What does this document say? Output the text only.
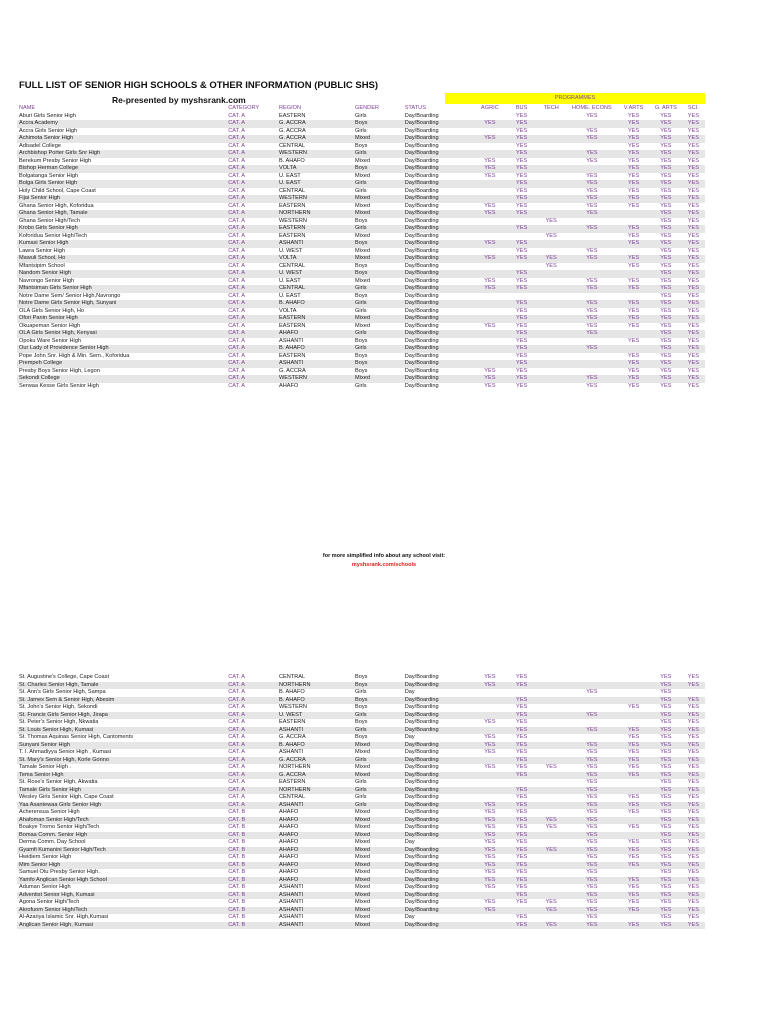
FULL LIST OF SENIOR HIGH SCHOOLS & OTHER INFORMATION (PUBLIC SHS)
Re-presented by myshsrank.com	PROGRAMMES
NAME	CATEGORY	REGION	GENDER	STATUS	AGRIC	BUS	TECH	HOME. ECONS	V.ARTS	G. ARTS	SCI.
Aburi Girls Senior High	CAT. A	EASTERN	Girls	Day/Boarding		YES		YES	YES	YES	YES
Accra Academy	CAT. A	G. ACCRA	Boys	Day/Boarding	YES	YES			YES	YES	YES
Accra Girls Senior High	CAT. A	G. ACCRA	Girls	Day/Boarding		YES		YES	YES	YES	YES
Achimota Senior High	CAT. A	G. ACCRA	Mixed	Day/Boarding	YES	YES		YES	YES	YES	YES
Adisadel College	CAT. A	CENTRAL	Boys	Day/Boarding		YES			YES	YES	YES
Archbishop Porter Girls Snr High	CAT. A	WESTERN	Girls	Day/Boarding		YES		YES	YES	YES	YES
Berekum Presby Senior High	CAT. A	B. AHAFO	Mixed	Day/Boarding	YES	YES		YES	YES	YES	YES
Bishop Herman College	CAT. A	VOLTA	Boys	Day/Boarding	YES	YES			YES	YES	YES
Bolgatanga Senior High	CAT. A	U. EAST	Mixed	Day/Boarding	YES	YES		YES	YES	YES	YES
Bolga Girls Senior High	CAT. A	U. EAST	Girls	Day/Boarding		YES		YES	YES	YES	YES
Holy Child School, Cape Coast	CAT. A	CENTRAL	Girls	Day/Boarding		YES		YES	YES	YES	YES
Fijai Senior High	CAT. A	WESTERN	Mixed	Day/Boarding		YES		YES	YES	YES	YES
Ghana Senior High, Koforidua	CAT. A	EASTERN	Mixed	Day/Boarding	YES	YES		YES	YES	YES	YES
Ghana Senior High, Tamale	CAT. A	NORTHERN	Mixed	Day/Boarding	YES	YES		YES		YES	YES
Ghana Senior High/Tech	CAT. A	WESTERN	Boys	Day/Boarding			YES			YES	YES
Krobo Girls Senior High	CAT. A	EASTERN	Girls	Day/Boarding		YES		YES	YES	YES	YES
Koforidua Senior High/Tech	CAT. A	EASTERN	Mixed	Day/Boarding			YES		YES	YES	YES
Kumasi Senior High	CAT. A	ASHANTI	Boys	Day/Boarding	YES	YES			YES	YES	YES
Lawra Senior High	CAT. A	U. WEST	Mixed	Day/Boarding		YES		YES		YES	YES
Mawuli School, Ho	CAT. A	VOLTA	Mixed	Day/Boarding	YES	YES	YES	YES	YES	YES	YES
Mfantsipim School	CAT. A	CENTRAL	Boys	Day/Boarding			YES		YES	YES	YES
Nandom Senior High	CAT. A	U. WEST	Boys	Day/Boarding		YES				YES	YES
Navrongo Senior High	CAT. A	U. EAST	Mixed	Day/Boarding	YES	YES		YES	YES	YES	YES
Mfantsiman Girls Senior High	CAT. A	CENTRAL	Girls	Day/Boarding	YES	YES		YES	YES	YES	YES
Notre Dame Sem/ Senior High,Navrongo	CAT. A	U. EAST	Boys	Day/Boarding						YES	YES
Notre Dame Girls Senior High, Sunyani	CAT. A	B. AHAFO	Girls	Day/Boarding		YES		YES	YES	YES	YES
OLA Girls Senior High, Ho	CAT. A	VOLTA	Girls	Day/Boarding		YES		YES	YES	YES	YES
Ofori Panin Senior High	CAT. A	EASTERN	Mixed	Day/Boarding		YES		YES	YES	YES	YES
Okuapeman Senior High	CAT. A	EASTERN	Mixed	Day/Boarding	YES	YES		YES	YES	YES	YES
OLA Girls Senior High, Kenyasi	CAT. A	AHAFO	Girls	Day/Boarding		YES		YES		YES	YES
Opoku Ware Senior High	CAT. A	ASHANTI	Boys	Day/Boarding		YES			YES	YES	YES
Our Lady of Providence Senior High	CAT. A	B. AHAFO	Girls	Day/Boarding		YES		YES		YES	YES
Pope John Snr. High & Min. Sem., Koforidua	CAT. A	EASTERN	Boys	Day/Boarding		YES			YES	YES	YES
Prempeh College	CAT. A	ASHANTI	Boys	Day/Boarding		YES			YES	YES	YES
Presby Boys Senior High, Legon	CAT. A	G. ACCRA	Boys	Day/Boarding	YES	YES			YES	YES	YES
Sekondi College	CAT. A	WESTERN	Mixed	Day/Boarding	YES	YES		YES	YES	YES	YES
Serwaa Kesse Girls Senior High	CAT. A	AHAFO	Girls	Day/Boarding	YES	YES		YES	YES	YES	YES
for more simplified info about any school visit:
myshsrank.com/schools
St. Augustine's College, Cape Coast	CAT. A	CENTRAL	Boys	Day/Boarding	YES	YES				YES	YES
St. Charles Senior High, Tamale	CAT. A	NORTHERN	Boys	Day/Boarding	YES	YES				YES	YES
St. Ann's Girls Senior High, Sampa	CAT. A	B. AHAFO	Girls	Day				YES		YES	
St. James Sem & Senior High, Abesim	CAT. A	B. AHAFO	Boys	Day/Boarding		YES				YES	YES
St. John's Senior High, Sekondi	CAT. A	WESTERN	Boys	Day/Boarding		YES			YES	YES	YES
St. Francis Girls Senior High, Jirapa	CAT. A	U. WEST	Girls	Day/Boarding		YES		YES		YES	YES
St. Peter's Senior High, Nkwatia	CAT. A	EASTERN	Boys	Day/Boarding	YES	YES				YES	YES
St. Louis Senior High, Kumasi	CAT. A	ASHANTI	Girls	Day/Boarding		YES		YES	YES	YES	YES
St. Thomas Aquinas Senior High, Cantoments	CAT. A	G. ACCRA	Boys	Day	YES	YES			YES	YES	YES
Sunyani Senior High	CAT. A	B. AHAFO	Mixed	Day/Boarding	YES	YES		YES	YES	YES	YES
T. I. Ahmadiyya Senior High , Kumasi	CAT. A	ASHANTI	Mixed	Day/Boarding	YES	YES		YES	YES	YES	YES
St. Mary's Senior High, Korle Gonno	CAT. A	G. ACCRA	Girls	Day/Boarding		YES		YES	YES	YES	YES
Tamale Senior High .	CAT. A	NORTHERN	Mixed	Day/Boarding	YES	YES	YES	YES	YES	YES	YES
Tema Senior High	CAT. A	G. ACCRA	Mixed	Day/Boarding		YES		YES	YES	YES	YES
St. Rose's Senior High, Akwatia	CAT. A	EASTERN	Girls	Day/Boarding				YES		YES	YES
Tamale Girls Senior High	CAT. A	NORTHERN	Girls	Day/Boarding		YES		YES		YES	YES
Wesley Girls Senior High, Cape Coast	CAT. A	CENTRAL	Girls	Day/Boarding		YES		YES	YES	YES	YES
Yaa Asantewaa Girls Senior High	CAT. A	ASHANTI	Girls	Day/Boarding	YES	YES		YES	YES	YES	YES
Acherensua Senior High	CAT. B	AHAFO	Mixed	Day/Boarding	YES	YES		YES	YES	YES	YES
Ahafoman Senior High/Tech	CAT. B	AHAFO	Mixed	Day/Boarding	YES	YES	YES	YES		YES	YES
Boakye Tromo Senior High/Tech	CAT. B	AHAFO	Mixed	Day/Boarding	YES	YES	YES	YES	YES	YES	YES
Bomaa Comm. Senior High	CAT. B	AHAFO	Mixed	Day/Boarding	YES	YES		YES		YES	YES
Derma Comm. Day School	CAT. B	AHAFO	Mixed	Day	YES	YES		YES	YES	YES	YES
Gyamfi Kumanini Senior High/Tech	CAT. B	AHAFO	Mixed	Day/Boarding	YES	YES	YES	YES	YES	YES	YES
Hwidiem Senior High	CAT. B	AHAFO	Mixed	Day/Boarding	YES	YES		YES	YES	YES	YES
Mim Senior High	CAT. B	AHAFO	Mixed	Day/Boarding	YES	YES		YES	YES	YES	YES
Samuel Otu Presby Senior High.	CAT. B	AHAFO	Mixed	Day/Boarding	YES	YES		YES		YES	YES
Yamfo Anglican Senior High School	CAT. B	AHAFO	Mixed	Day/Boarding	YES	YES		YES	YES	YES	YES
Aduman Senior High	CAT. B	ASHANTI	Mixed	Day/Boarding	YES	YES		YES	YES	YES	YES
Adventist Senior High, Kumasi	CAT. B	ASHANTI	Mixed	Day/Boarding		YES		YES	YES	YES	YES
Agona Senior High/Tech	CAT. B	ASHANTI	Mixed	Day/Boarding	YES	YES	YES	YES	YES	YES	YES
Akrofuom Senior High/Tech	CAT. B	ASHANTI	Mixed	Day/Boarding	YES		YES	YES	YES	YES	YES
Al-Azariya Islamic Snr. High,Kumasi	CAT. B	ASHANTI	Mixed	Day		YES		YES		YES	YES
Anglican Senior High, Kumasi	CAT. B	ASHANTI	Mixed	Day/Boarding		YES	YES	YES	YES	YES	YES
